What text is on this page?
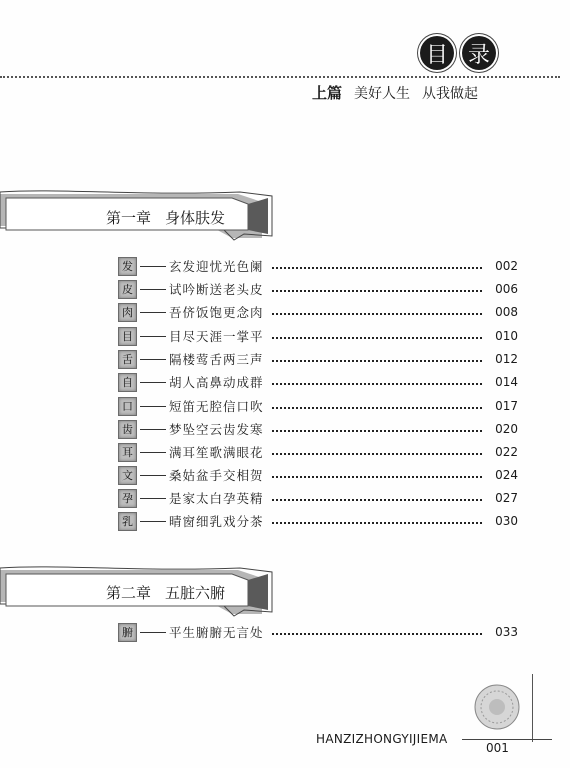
目 录
上篇 美好人生 从我做起
第一章 身体肤发
发	玄发迎忧光色阑	002
皮	试吟断送老头皮	006
肉	吾侪饭饱更念肉	008
目	目尽天涯一掌平	010
舌	隔楼莺舌两三声	012
自	胡人高鼻动成群	014
口	短笛无腔信口吹	017
齿	梦坠空云齿发寒	020
耳	满耳笙歌满眼花	022
文	桑姑盆手交相贺	024
孕	是家太白孕英精	027
乳	晴窗细乳戏分茶	030
第二章 五脏六腑
腑	平生腑腑无言处	033
HANZIZHONGYIJIEMA
001
